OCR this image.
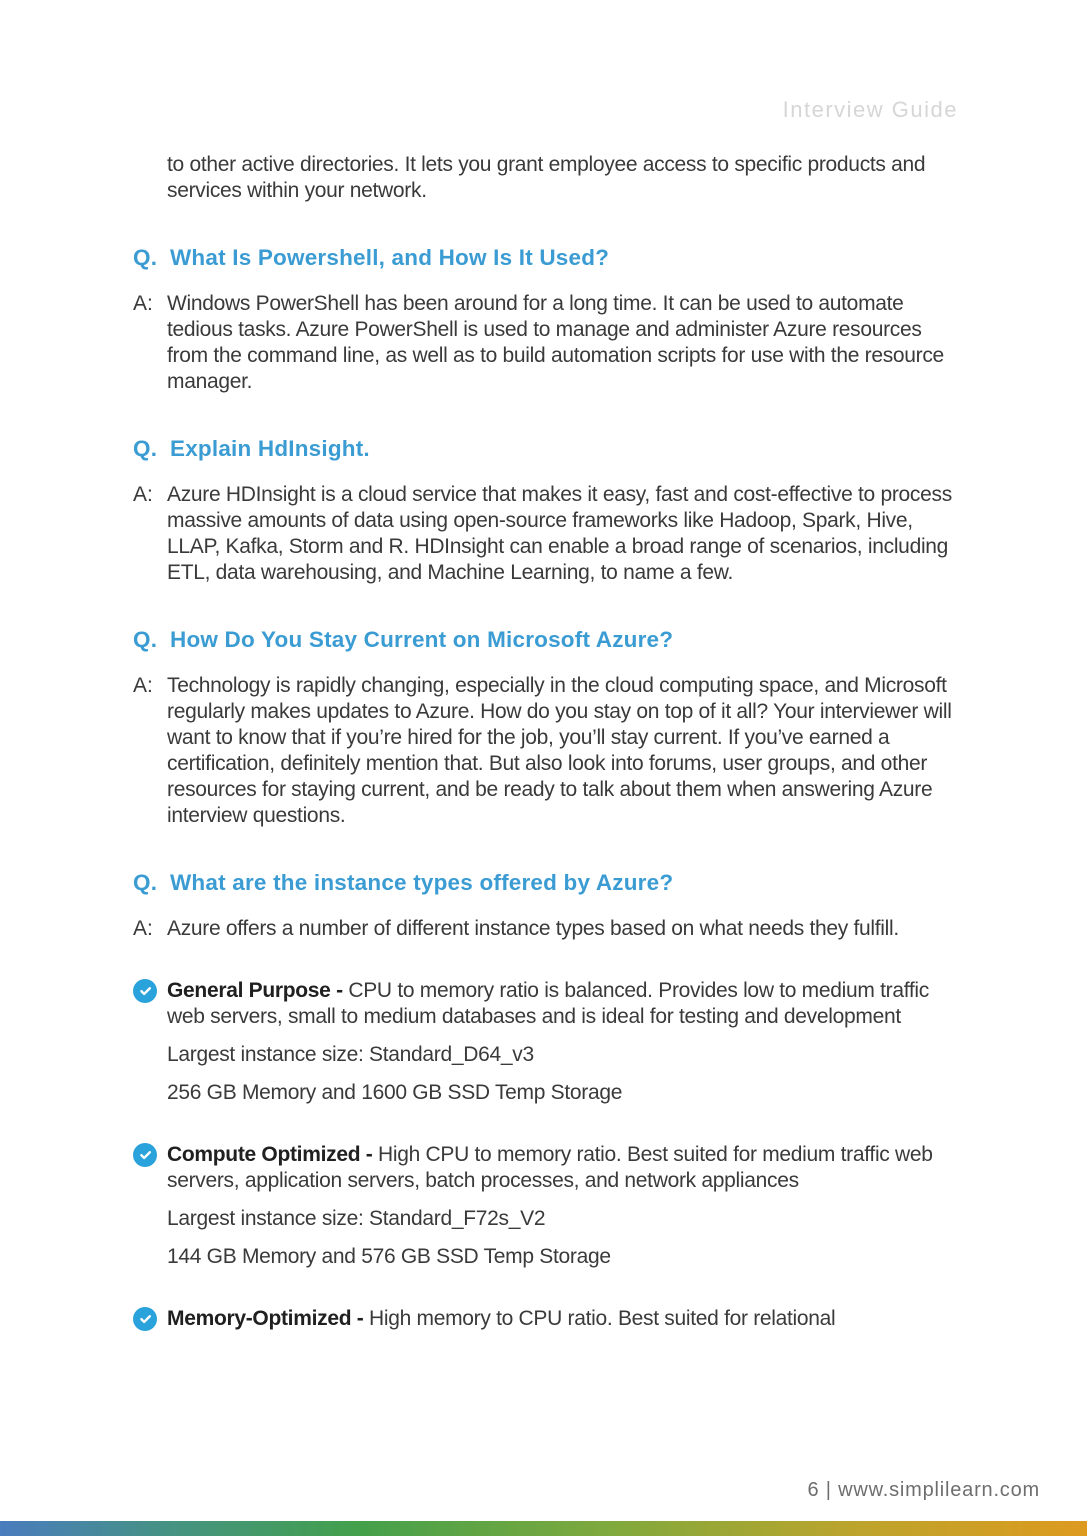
Interview Guide

to other active directories. It lets you grant employee access to specific products and services within your network.

Q. What Is Powershell, and How Is It Used?
A: Windows PowerShell has been around for a long time. It can be used to automate tedious tasks. Azure PowerShell is used to manage and administer Azure resources from the command line, as well as to build automation scripts for use with the resource manager.
Q. Explain HdInsight.
A: Azure HDInsight is a cloud service that makes it easy, fast and cost-effective to process massive amounts of data using open-source frameworks like Hadoop, Spark, Hive, LLAP, Kafka, Storm and R. HDInsight can enable a broad range of scenarios, including ETL, data warehousing, and Machine Learning, to name a few.
Q. How Do You Stay Current on Microsoft Azure?
A: Technology is rapidly changing, especially in the cloud computing space, and Microsoft regularly makes updates to Azure. How do you stay on top of it all? Your interviewer will want to know that if you’re hired for the job, you’ll stay current. If you’ve earned a certification, definitely mention that. But also look into forums, user groups, and other resources for staying current, and be ready to talk about them when answering Azure interview questions.
Q. What are the instance types offered by Azure?
A: Azure offers a number of different instance types based on what needs they fulfill.
General Purpose - CPU to memory ratio is balanced. Provides low to medium traffic web servers, small to medium databases and is ideal for testing and development
Largest instance size: Standard_D64_v3
256 GB Memory and 1600 GB SSD Temp Storage
Compute Optimized - High CPU to memory ratio. Best suited for medium traffic web servers, application servers, batch processes, and network appliances
Largest instance size: Standard_F72s_V2
144 GB Memory and 576 GB SSD Temp Storage
Memory-Optimized - High memory to CPU ratio. Best suited for relational
6 | www.simplilearn.com
